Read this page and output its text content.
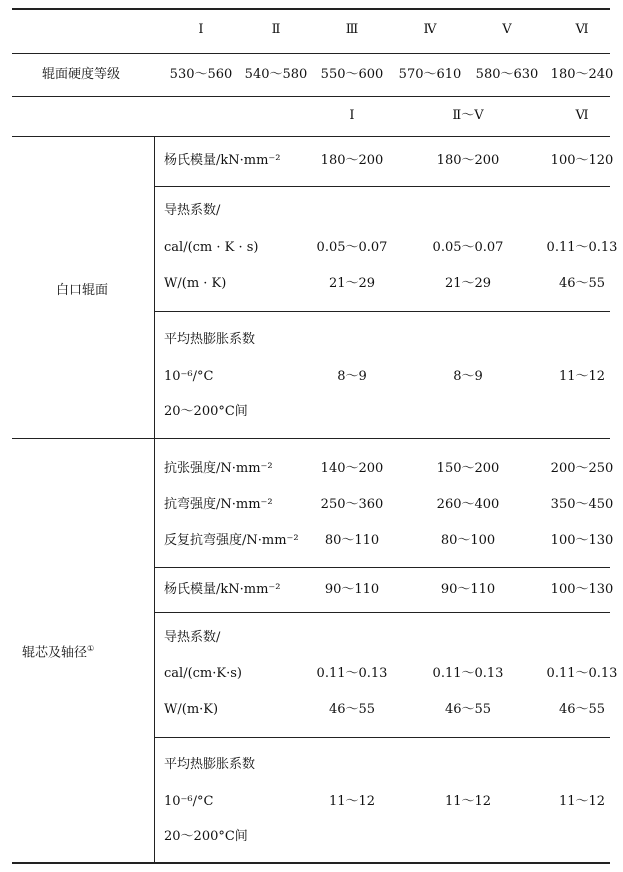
Ⅰ	Ⅱ	Ⅲ	Ⅳ	Ⅴ	Ⅵ
辊面硬度等级	530～560 540～580 550～600 570～610 580～630 180～240
Ⅰ	Ⅱ～Ⅴ	Ⅵ
白口辊面
杨氏模量/kN·mm⁻²	180～200	180～200	100～120
导热系数/
cal/(cm · K · s)	0.05～0.07	0.05～0.07	0.11～0.13
W/(m · K)	21～29	21～29	46～55
平均热膨胀系数
10⁻⁶/°C	8～9	8～9	11～12
20～200°C间
辊芯及轴径①
抗张强度/N·mm⁻²	140～200	150～200	200～250
抗弯强度/N·mm⁻²	250～360	260～400	350～450
反复抗弯强度/N·mm⁻² 80～110	80～100	100～130
杨氏模量/kN·mm⁻²	90～110	90～110	100～130
导热系数/
cal/(cm·K·s)	0.11～0.13	0.11～0.13	0.11～0.13
W/(m·K)	46～55	46～55	46～55
平均热膨胀系数
10⁻⁶/°C	11～12	11～12	11～12
20～200°C间
